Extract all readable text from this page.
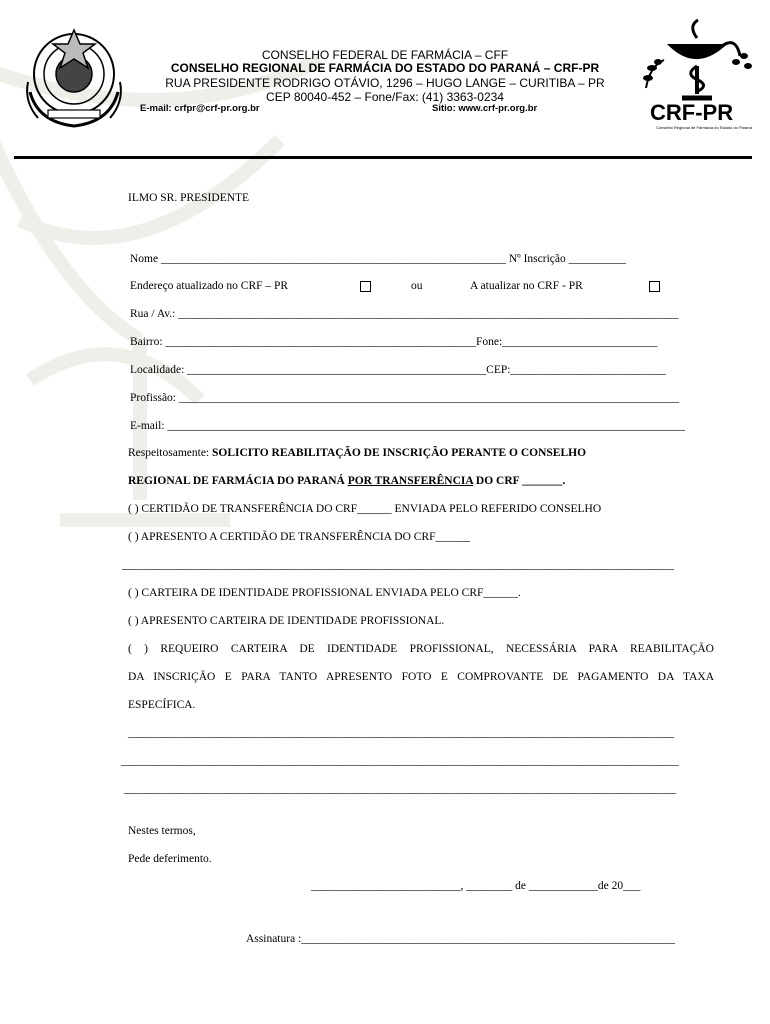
CONSELHO FEDERAL DE FARMÁCIA – CFF
CONSELHO REGIONAL DE FARMÁCIA DO ESTADO DO PARANÁ – CRF-PR
RUA PRESIDENTE RODRIGO OTÁVIO, 1296 – HUGO LANGE – CURITIBA – PR
CEP 80040-452 – Fone/Fax: (41) 3363-0234
E-mail: crfpr@crf-pr.org.br	Sitio: www.crf-pr.org.br	CRF-PR
Conselho Regional de Farmácia do Estado do Paraná
ILMO SR. PRESIDENTE
Nome ____________________________________________________________ Nº Inscrição __________
Endereço atualizado no CRF – PR	ou	A atualizar no CRF - PR
Rua / Av.: _______________________________________________________________________________________
Bairro: ______________________________________________________Fone:___________________________
Localidade: ____________________________________________________CEP:___________________________
Profissão: _______________________________________________________________________________________
E-mail: __________________________________________________________________________________________
Respeitosamente: SOLICITO REABILITAÇÃO DE INSCRIÇÃO PERANTE O CONSELHO
REGIONAL DE FARMÁCIA DO PARANÁ POR TRANSFERÊNCIA DO CRF _______.
( ) CERTIDÃO DE TRANSFERÊNCIA DO CRF______ ENVIADA PELO REFERIDO CONSELHO
( ) APRESENTO A CERTIDÃO DE TRANSFERÊNCIA DO CRF______
________________________________________________________________________________________________
( ) CARTEIRA DE IDENTIDADE PROFISSIONAL ENVIADA PELO CRF______.
( ) APRESENTO CARTEIRA DE IDENTIDADE PROFISSIONAL.
( ) REQUEIRO CARTEIRA DE IDENTIDADE PROFISSIONAL, NECESSÁRIA PARA REABILITAÇÃO
DA INSCRIÇÃO E PARA TANTO APRESENTO FOTO E COMPROVANTE DE PAGAMENTO DA TAXA
ESPECÍFICA.
_______________________________________________________________________________________________
_________________________________________________________________________________________________
________________________________________________________________________________________________
Nestes termos,
Pede deferimento.
__________________________, ________ de ____________de 20___
Assinatura :_________________________________________________________________
